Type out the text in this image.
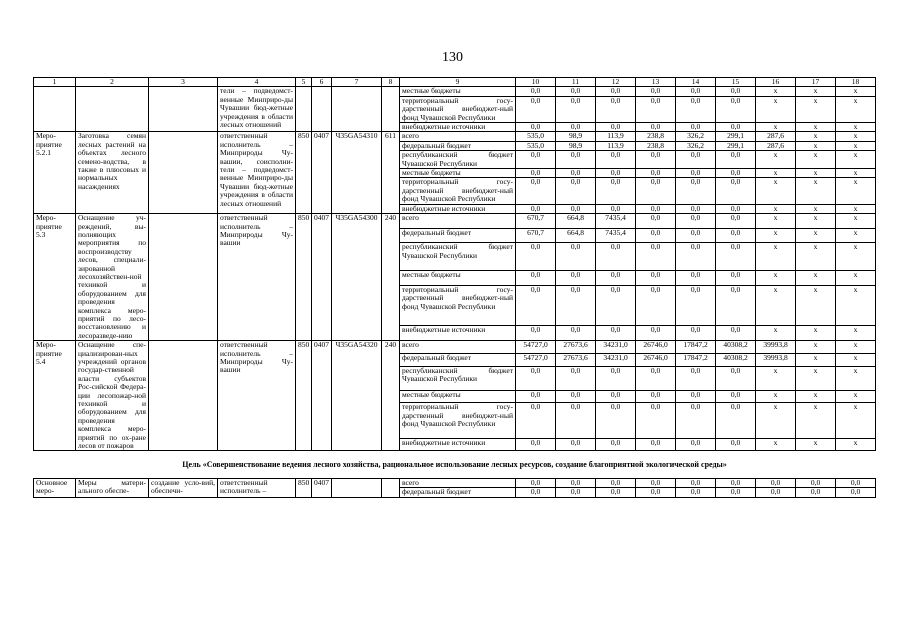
130
1	2	3	4	5	6	7	8	9	10	11	12	13	14	15	16	17	18
			тели – подведомст-венные Минприро-ды Чувашии бюд-жетные учреждения в области лесных отношений					местные бюджеты	0,0	0,0	0,0	0,0	0,0	0,0	x	x	x
								территориальный госу-дарственный внебюджет-ный фонд Чувашской Республики	0,0	0,0	0,0	0,0	0,0	0,0	x	x	x
								внебюджетные источники	0,0	0,0	0,0	0,0	0,0	0,0	x	x	x
Меро-приятие 5.2.1	Заготовка семян лесных растений на объектах лесного семено-водства, в также в плюсовых и нормальных насаждениях		ответственный исполнитель – Минприроды Чу-вашии, соисполни-тели – подведомст-венные Минприро-ды Чувашии бюд-жетные учреждения в области лесных отношений	850	0407	Ч35GA54310	611	всего	535,0	98,9	113,9	238,8	326,2	299,1	287,6	x	x
								федеральный бюджет	535,0	98,9	113,9	238,8	326,2	299,1	287,6	x	x
								республиканский бюджет Чувашской Республики	0,0	0,0	0,0	0,0	0,0	0,0	x	x	x
								местные бюджеты	0,0	0,0	0,0	0,0	0,0	0,0	x	x	x
								территориальный госу-дарственный внебюджет-ный фонд Чувашской Республики	0,0	0,0	0,0	0,0	0,0	0,0	x	x	x
								внебюджетные источники	0,0	0,0	0,0	0,0	0,0	0,0	x	x	x
Меро-приятие 5.3	Оснащение уч-реждений, вы-полняющих мероприятия по воспроизводству лесов, специали-зированной лесохозяйствен-ной техникой и оборудованием для проведения комплекса меро-приятий по лесо-восстановлению и лесоразведе-нию		ответственный исполнитель – Минприроды Чу-вашии	850	0407	Ч35GA54300	240	всего	670,7	664,8	7435,4	0,0	0,0	0,0	x	x	x
								федеральный бюджет	670,7	664,8	7435,4	0,0	0,0	0,0	x	x	x
								республиканский бюджет Чувашской Республики	0,0	0,0	0,0	0,0	0,0	0,0	x	x	x
								местные бюджеты	0,0	0,0	0,0	0,0	0,0	0,0	x	x	x
								территориальный госу-дарственный внебюджет-ный фонд Чувашской Республики	0,0	0,0	0,0	0,0	0,0	0,0	x	x	x
								внебюджетные источники	0,0	0,0	0,0	0,0	0,0	0,0	x	x	x
Меро-приятие 5.4	Оснащение спе-циализирован-ных учреждений органов государ-ственной власти субъектов Рос-сийской Федера-ции лесопожар-ной техникой и оборудованием для проведения комплекса меро-приятий по ох-ране лесов от пожаров		ответственный исполнитель – Минприроды Чу-вашии	850	0407	Ч35GA54320	240	всего	54727,0	27673,6	34231,0	26746,0	17847,2	40308,2	39993,8	x	x
								федеральный бюджет	54727,0	27673,6	34231,0	26746,0	17847,2	40308,2	39993,8	x	x
								республиканский бюджет Чувашской Республики	0,0	0,0	0,0	0,0	0,0	0,0	x	x	x
								местные бюджеты	0,0	0,0	0,0	0,0	0,0	0,0	x	x	x
								территориальный госу-дарственный внебюджет-ный фонд Чувашской Республики	0,0	0,0	0,0	0,0	0,0	0,0	x	x	x
								внебюджетные источники	0,0	0,0	0,0	0,0	0,0	0,0	x	x	x
Цель «Совершенствование ведения лесного хозяйства, рациональное использование лесных ресурсов, создание благоприятной экологической среды»																	
Основное меро-	Меры матери-ального обеспе-	создание усло-вий, обеспечи-	ответственный исполнитель –	850	0407			всего	0,0	0,0	0,0	0,0	0,0	0,0	0,0	0,0	0,0
								федеральный бюджет	0,0	0,0	0,0	0,0	0,0	0,0	0,0	0,0	0,0
